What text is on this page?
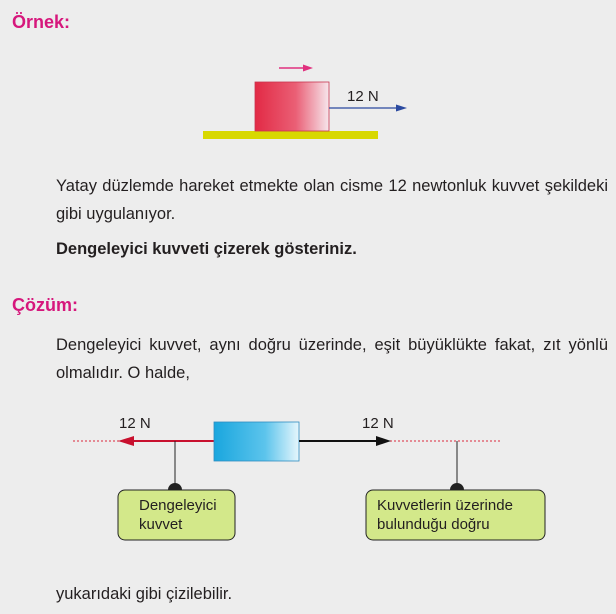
Örnek:
12 N
12 N	12 N
Dengeleyici
kuvvet
Kuvvetlerin üzerinde
bulunduğu doğru

Yatay düzlemde hareket etmekte olan cisme 12 newtonluk kuvvet şekildeki gibi uygulanıyor.

Dengeleyici kuvveti çizerek gösteriniz.

Çözüm:

Dengeleyici kuvvet, aynı doğru üzerinde, eşit büyüklükte fakat, zıt yönlü olmalıdır. O halde,

yukarıdaki gibi çizilebilir.
